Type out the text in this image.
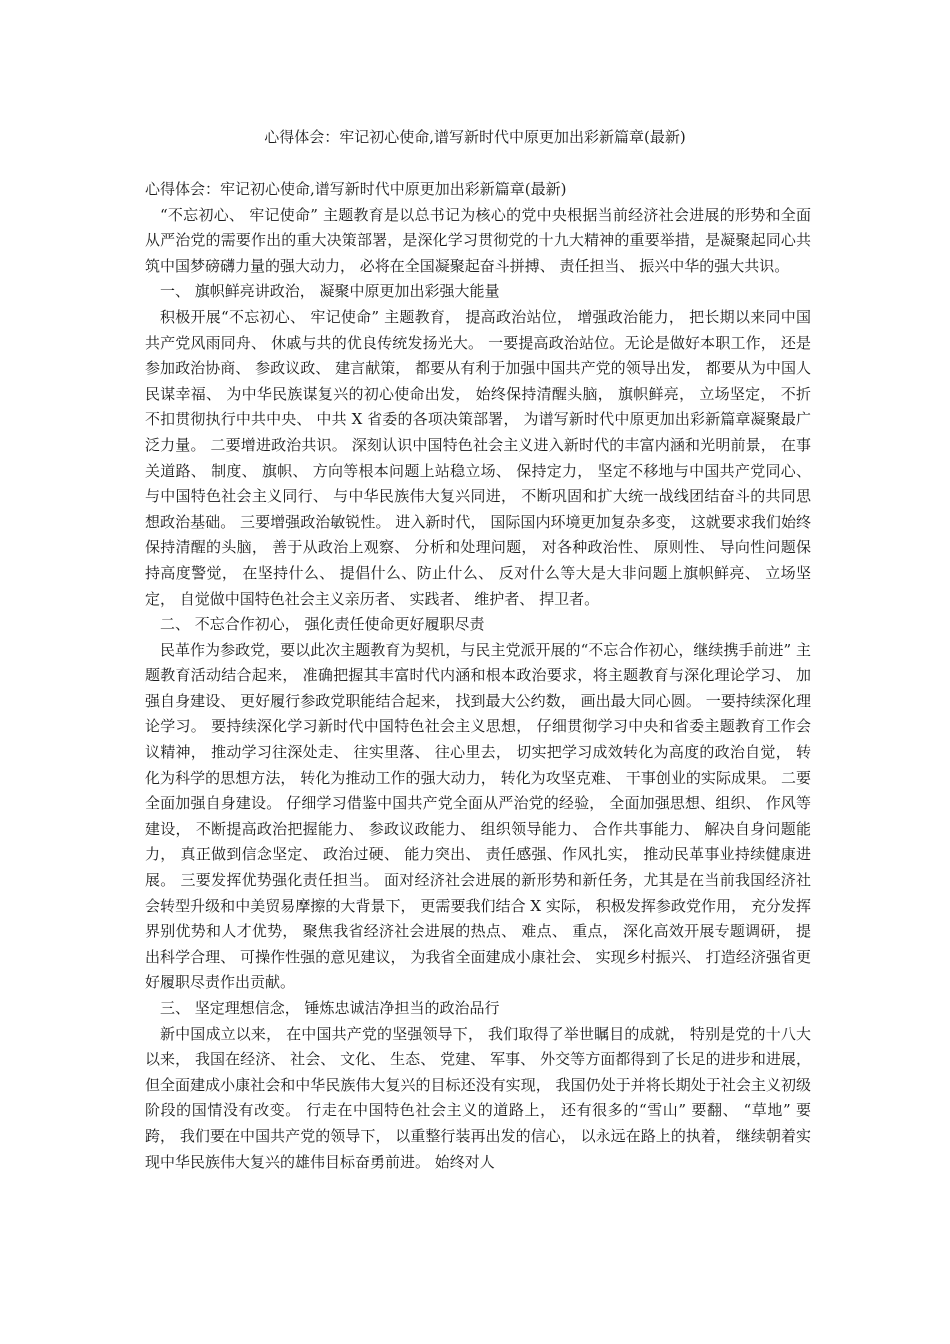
心得体会：牢记初心使命,谱写新时代中原更加出彩新篇章(最新)

心得体会：牢记初心使命,谱写新时代中原更加出彩新篇章(最新)

“不忘初心、 牢记使命” 主题教育是以总书记为核心的党中央根据当前经济社会进展的形势和全面从严治党的需要作出的重大决策部署，是深化学习贯彻党的十九大精神的重要举措，是凝聚起同心共筑中国梦磅礴力量的强大动力， 必将在全国凝聚起奋斗拼搏、 责任担当、 振兴中华的强大共识。

一、 旗帜鲜亮讲政治， 凝聚中原更加出彩强大能量

积极开展“不忘初心、 牢记使命” 主题教育， 提高政治站位， 增强政治能力， 把长期以来同中国共产党风雨同舟、 休戚与共的优良传统发扬光大。 一要提高政治站位。无论是做好本职工作， 还是参加政治协商、 参政议政、 建言献策， 都要从有利于加强中国共产党的领导出发， 都要从为中国人民谋幸福、 为中华民族谋复兴的初心使命出发， 始终保持清醒头脑， 旗帜鲜亮， 立场坚定， 不折不扣贯彻执行中共中央、 中共 X 省委的各项决策部署， 为谱写新时代中原更加出彩新篇章凝聚最广泛力量。 二要增进政治共识。 深刻认识中国特色社会主义进入新时代的丰富内涵和光明前景， 在事关道路、 制度、 旗帜、 方向等根本问题上站稳立场、 保持定力， 坚定不移地与中国共产党同心、 与中国特色社会主义同行、 与中华民族伟大复兴同进， 不断巩固和扩大统一战线团结奋斗的共同思想政治基础。 三要增强政治敏锐性。 进入新时代， 国际国内环境更加复杂多变， 这就要求我们始终保持清醒的头脑， 善于从政治上观察、 分析和处理问题， 对各种政治性、 原则性、 导向性问题保持高度警觉， 在坚持什么、 提倡什么、防止什么、 反对什么等大是大非问题上旗帜鲜亮、 立场坚定， 自觉做中国特色社会主义亲历者、 实践者、 维护者、 捍卫者。

二、 不忘合作初心， 强化责任使命更好履职尽责

民革作为参政党，要以此次主题教育为契机，与民主党派开展的“不忘合作初心，继续携手前进” 主题教育活动结合起来， 准确把握其丰富时代内涵和根本政治要求，将主题教育与深化理论学习、 加强自身建设、 更好履行参政党职能结合起来， 找到最大公约数， 画出最大同心圆。 一要持续深化理论学习。 要持续深化学习新时代中国特色社会主义思想， 仔细贯彻学习中央和省委主题教育工作会议精神， 推动学习往深处走、 往实里落、 往心里去， 切实把学习成效转化为高度的政治自觉， 转化为科学的思想方法， 转化为推动工作的强大动力， 转化为攻坚克难、 干事创业的实际成果。 二要全面加强自身建设。 仔细学习借鉴中国共产党全面从严治党的经验， 全面加强思想、组织、 作风等建设， 不断提高政治把握能力、 参政议政能力、 组织领导能力、 合作共事能力、 解决自身问题能力， 真正做到信念坚定、 政治过硬、 能力突出、 责任感强、作风扎实， 推动民革事业持续健康进展。 三要发挥优势强化责任担当。 面对经济社会进展的新形势和新任务，尤其是在当前我国经济社会转型升级和中美贸易摩擦的大背景下， 更需要我们结合 X 实际， 积极发挥参政党作用， 充分发挥界别优势和人才优势， 聚焦我省经济社会进展的热点、 难点、 重点， 深化高效开展专题调研， 提出科学合理、 可操作性强的意见建议， 为我省全面建成小康社会、 实现乡村振兴、 打造经济强省更好履职尽责作出贡献。

三、 坚定理想信念， 锤炼忠诚洁净担当的政治品行

新中国成立以来， 在中国共产党的坚强领导下， 我们取得了举世瞩目的成就， 特别是党的十八大以来， 我国在经济、 社会、 文化、 生态、 党建、 军事、 外交等方面都得到了长足的进步和进展，但全面建成小康社会和中华民族伟大复兴的目标还没有实现， 我国仍处于并将长期处于社会主义初级阶段的国情没有改变。 行走在中国特色社会主义的道路上， 还有很多的“雪山” 要翻、 “草地” 要跨， 我们要在中国共产党的领导下， 以重整行装再出发的信心， 以永远在路上的执着， 继续朝着实现中华民族伟大复兴的雄伟目标奋勇前进。 始终对人
